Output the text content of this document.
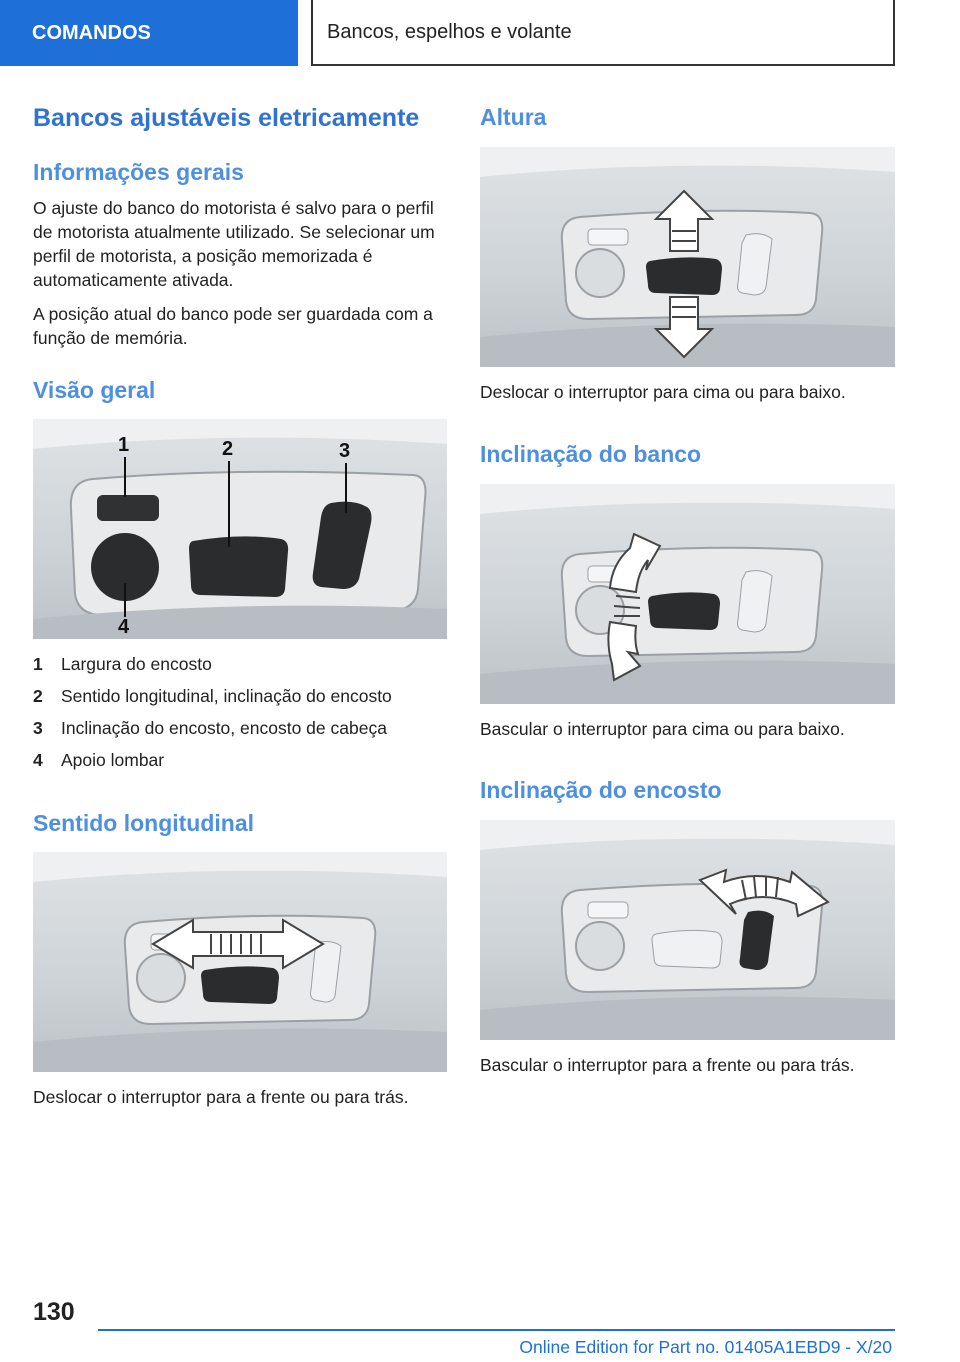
COMANDOS	Bancos, espelhos e volante
Bancos ajustáveis eletricamente
Informações gerais

O ajuste do banco do motorista é salvo para o perfil de motorista atualmente utilizado. Se selecionar um perfil de motorista, a posição memorizada é automaticamente ativada.

A posição atual do banco pode ser guardada com a função de memória.

Visão geral
1	2	3
4
1	Largura do encosto
2	Sentido longitudinal, inclinação do encosto
3	Inclinação do encosto, encosto de cabeça
4	Apoio lombar
Sentido longitudinal

Deslocar o interruptor para a frente ou para trás.

Altura

Deslocar o interruptor para cima ou para baixo.

Inclinação do banco

Bascular o interruptor para cima ou para baixo.

Inclinação do encosto

Bascular o interruptor para a frente ou para trás.

130
Online Edition for Part no. 01405A1EBD9 - X/20
